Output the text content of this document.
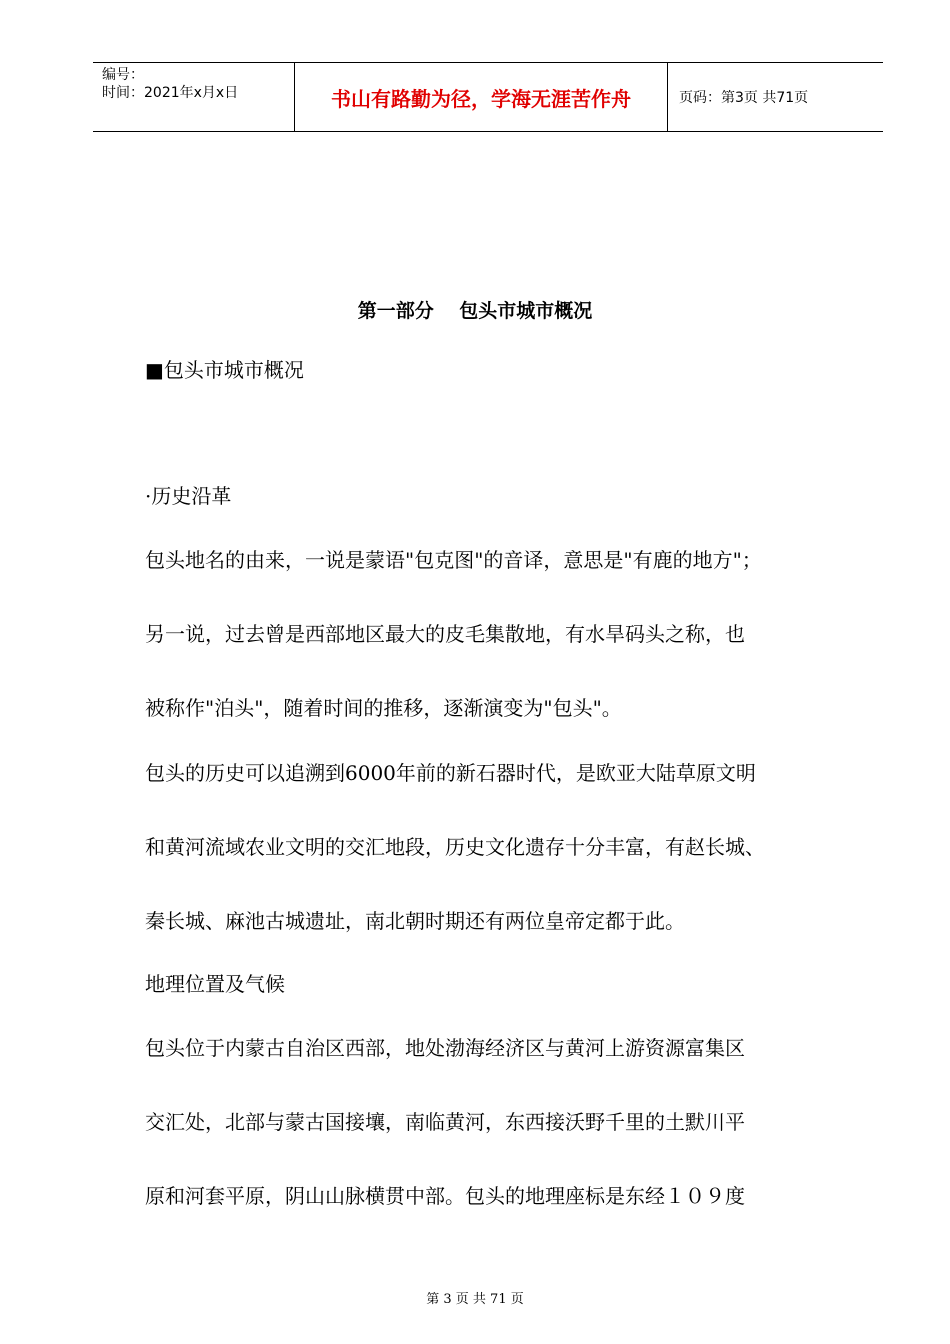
编号：
时间：2021年x月x日	书山有路勤为径，学海无涯苦作舟	页码：第3页 共71页
第一部分　 包头市城市概况
■包头市城市概况
·历史沿革
包头地名的由来，一说是蒙语"包克图"的音译，意思是"有鹿的地方"；
另一说，过去曾是西部地区最大的皮毛集散地，有水旱码头之称，也
被称作"泊头"，随着时间的推移，逐渐演变为"包头"。
包头的历史可以追溯到6000年前的新石器时代，是欧亚大陆草原文明
和黄河流域农业文明的交汇地段，历史文化遗存十分丰富，有赵长城、
秦长城、麻池古城遗址，南北朝时期还有两位皇帝定都于此。
地理位置及气候
包头位于内蒙古自治区西部，地处渤海经济区与黄河上游资源富集区
交汇处，北部与蒙古国接壤，南临黄河，东西接沃野千里的土默川平
原和河套平原，阴山山脉横贯中部。包头的地理座标是东经１０９度
第 3 页 共 71 页
